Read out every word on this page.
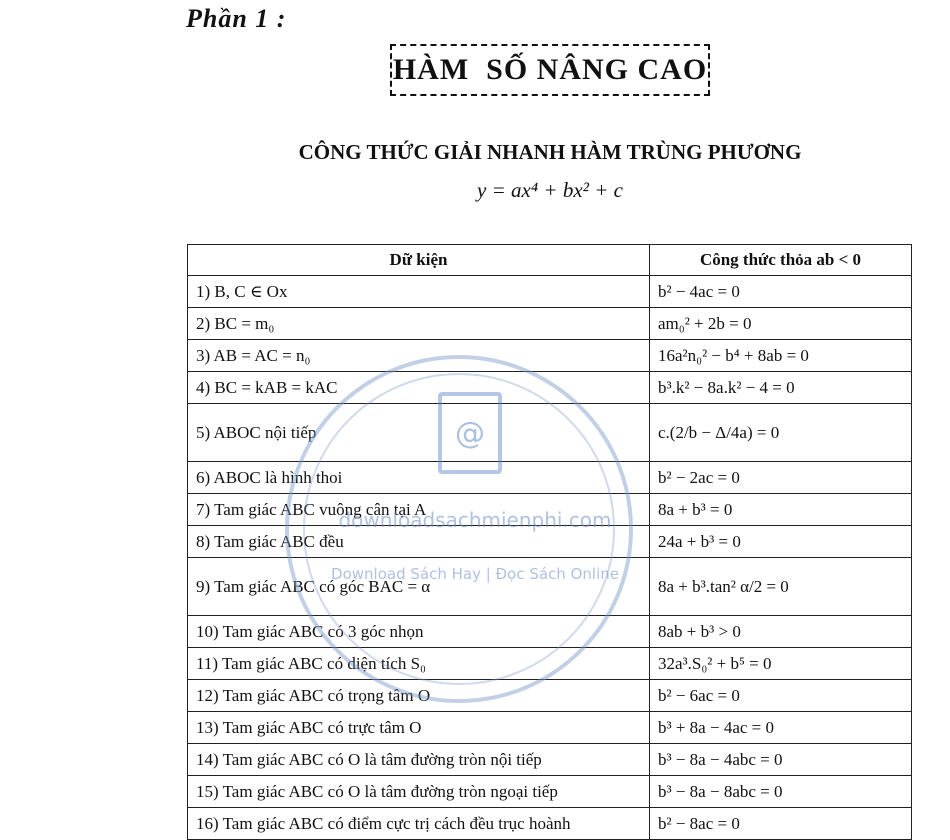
Phần 1 :
HÀM  SỐ NÂNG CAO
CÔNG THỨC GIẢI NHANH HÀM TRÙNG PHƯƠNG
y = ax⁴ + bx² + c
Dữ kiện	Công thức thỏa ab < 0
1) B, C ∈ Ox	b² − 4ac = 0
2) BC = m₀	am₀² + 2b = 0
3) AB = AC = n₀	16a²n₀² − b⁴ + 8ab = 0
4) BC = kAB = kAC	b³.k² − 8a.k² − 4 = 0
5) ABOC nội tiếp	c.(2/b − Δ/4a) = 0
6) ABOC là hình thoi	b² − 2ac = 0
7) Tam giác ABC vuông cân tại A	8a + b³ = 0
8) Tam giác ABC đều	24a + b³ = 0
9) Tam giác ABC có góc BAC = α	8a + b³.tan² α/2 = 0
10) Tam giác ABC có 3 góc nhọn	8ab + b³ > 0
11) Tam giác ABC có diện tích S₀	32a³.S₀² + b⁵ = 0
12) Tam giác ABC có trọng tâm O	b² − 6ac = 0
13) Tam giác ABC có trực tâm O	b³ + 8a − 4ac = 0
14) Tam giác ABC có O là tâm đường tròn nội tiếp	b³ − 8a − 4abc = 0
15) Tam giác ABC có O là tâm đường tròn ngoại tiếp	b³ − 8a − 8abc = 0
16) Tam giác ABC có điểm cực trị cách đều trục hoành	b² − 8ac = 0
@
downloadsachmienphi.com
Download Sách Hay | Đọc Sách Online
